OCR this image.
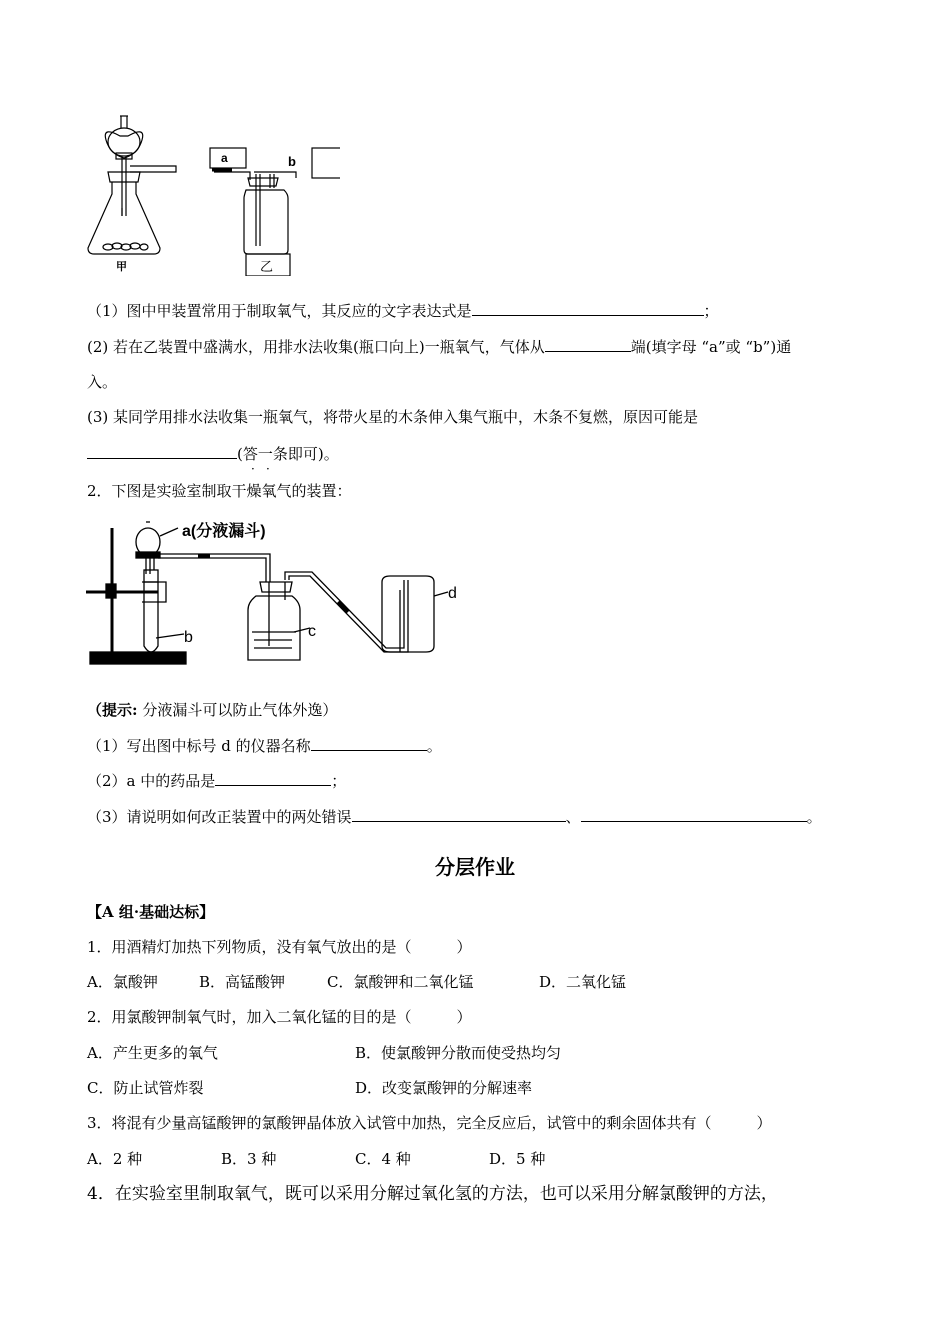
甲
a	b
乙
（1）图中甲装置常用于制取氧气，其反应的文字表达式是	；
(2) 若在乙装置中盛满水，用排水法收集(瓶口向上)一瓶氧气，气体从	端(填字母 “a”或 “b”)通
入。
(3) 某同学用排水法收集一瓶氧气，将带火星的木条伸入集气瓶中，木条不复燃，原因可能是
(答一条即可)。
· ·
2．下图是实验室制取干燥氧气的装置：
a(分液漏斗)
b	c
d
（提示: 分液漏斗可以防止气体外逸）
（1）写出图中标号 d 的仪器名称	。
（2）a 中的药品是	；
（3）请说明如何改正装置中的两处错误	、	。
分层作业
【A 组·基础达标】
1．用酒精灯加热下列物质，没有氧气放出的是（　　　）
A．氯酸钾	B．高锰酸钾	C．氯酸钾和二氧化锰	D．二氧化锰
2．用氯酸钾制氧气时，加入二氧化锰的目的是（　　　）
A．产生更多的氧气	B．使氯酸钾分散而使受热均匀
C．防止试管炸裂	D．改变氯酸钾的分解速率
3．将混有少量高锰酸钾的氯酸钾晶体放入试管中加热，完全反应后，试管中的剩余固体共有（　　　）
A．2 种	B．3 种	C．4 种	D．5 种
4．在实验室里制取氧气，既可以采用分解过氧化氢的方法，也可以采用分解氯酸钾的方法，
